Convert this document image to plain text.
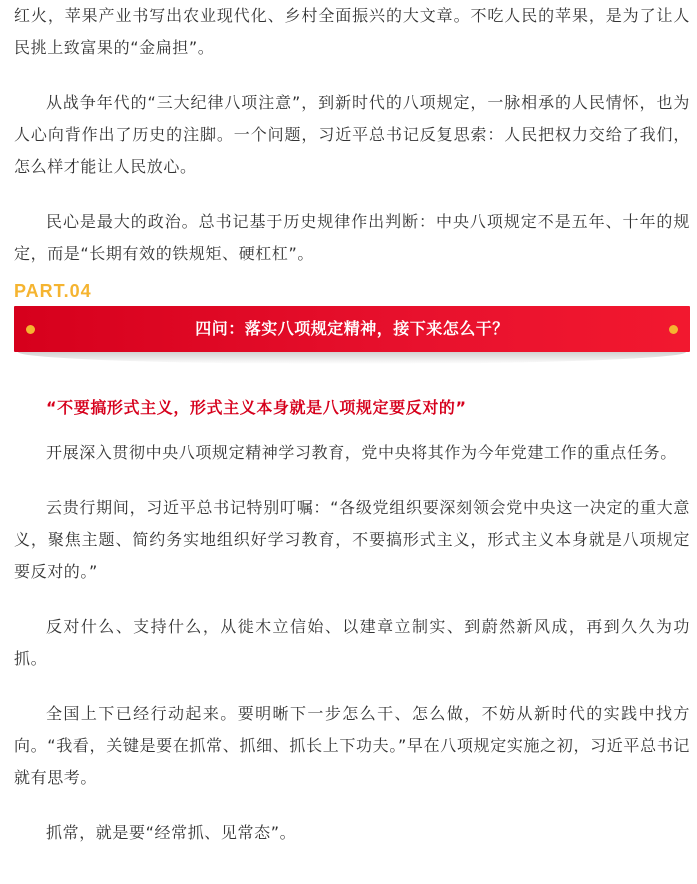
红火，苹果产业书写出农业现代化、乡村全面振兴的大文章。不吃人民的苹果，是为了让人民挑上致富果的“金扁担”。

从战争年代的“三大纪律八项注意”，到新时代的八项规定，一脉相承的人民情怀，也为人心向背作出了历史的注脚。一个问题，习近平总书记反复思索：人民把权力交给了我们，怎么样才能让人民放心。

民心是最大的政治。总书记基于历史规律作出判断：中央八项规定不是五年、十年的规定，而是“长期有效的铁规矩、硬杠杠”。

PART.04
四问：落实八项规定精神，接下来怎么干？

“不要搞形式主义，形式主义本身就是八项规定要反对的”

开展深入贯彻中央八项规定精神学习教育，党中央将其作为今年党建工作的重点任务。

云贵行期间，习近平总书记特别叮嘱：“各级党组织要深刻领会党中央这一决定的重大意义，聚焦主题、简约务实地组织好学习教育，不要搞形式主义，形式主义本身就是八项规定要反对的。”

反对什么、支持什么，从徙木立信始、以建章立制实、到蔚然新风成，再到久久为功抓。

全国上下已经行动起来。要明晰下一步怎么干、怎么做，不妨从新时代的实践中找方向。“我看，关键是要在抓常、抓细、抓长上下功夫。”早在八项规定实施之初，习近平总书记就有思考。

抓常，就是要“经常抓、见常态”。
